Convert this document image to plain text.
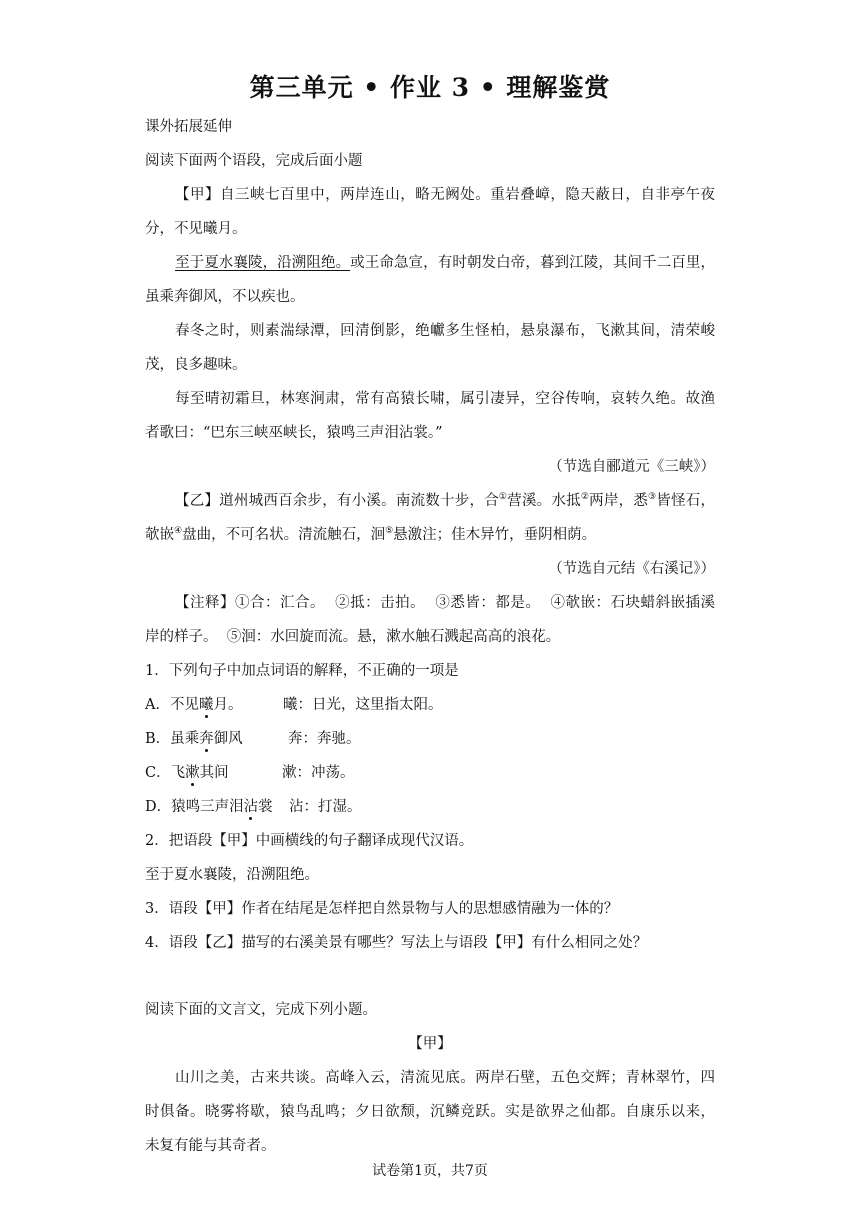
第三单元 • 作业 3 • 理解鉴赏
课外拓展延伸
阅读下面两个语段，完成后面小题
【甲】自三峡七百里中，两岸连山，略无阙处。重岩叠嶂，隐天蔽日，自非亭午夜
分，不见曦月。
至于夏水襄陵，沿溯阻绝。或王命急宣，有时朝发白帝，暮到江陵，其间千二百里，
虽乘奔御风，不以疾也。
春冬之时，则素湍绿潭，回清倒影，绝巘多生怪柏，悬泉瀑布，飞漱其间，清荣峻
茂，良多趣味。
每至晴初霜旦，林寒涧肃，常有高猿长啸，属引凄异，空谷传响，哀转久绝。故渔
者歌曰：“巴东三峡巫峡长，猿鸣三声泪沾裳。”
（节选自郦道元《三峡》）
【乙】道州城西百余步，有小溪。南流数十步，合①营溪。水抵②两岸，悉③皆怪石，
欹嵌④盘曲，不可名状。清流触石，洄⑤悬激注；佳木异竹，垂阴相荫。
（节选自元结《右溪记》）
【注释】①合：汇合。  ②抵：击拍。  ③悉皆：都是。  ④欹嵌：石块蜡斜嵌插溪
岸的样子。  ⑤洄：水回旋而流。悬，漱水触石溅起高高的浪花。
1．下列句子中加点词语的解释，不正确的一项是
A．不见曦月。	曦：日光，这里指太阳。
B．虽乘奔御风	奔：奔驰。
C．飞漱其间	漱：冲荡。
D．猿鸣三声泪沾裳 沾：打湿。
2．把语段【甲】中画横线的句子翻译成现代汉语。
至于夏水襄陵，沿溯阻绝。
3．语段【甲】作者在结尾是怎样把自然景物与人的思想感情融为一体的？
4．语段【乙】描写的右溪美景有哪些？写法上与语段【甲】有什么相同之处？
阅读下面的文言文，完成下列小题。
【甲】
山川之美，古来共谈。高峰入云，清流见底。两岸石壁，五色交辉；青林翠竹，四
时俱备。晓雾将歇，猿鸟乱鸣；夕日欲颓，沉鳞竞跃。实是欲界之仙都。自康乐以来，
未复有能与其奇者。
试卷第1页，共7页
